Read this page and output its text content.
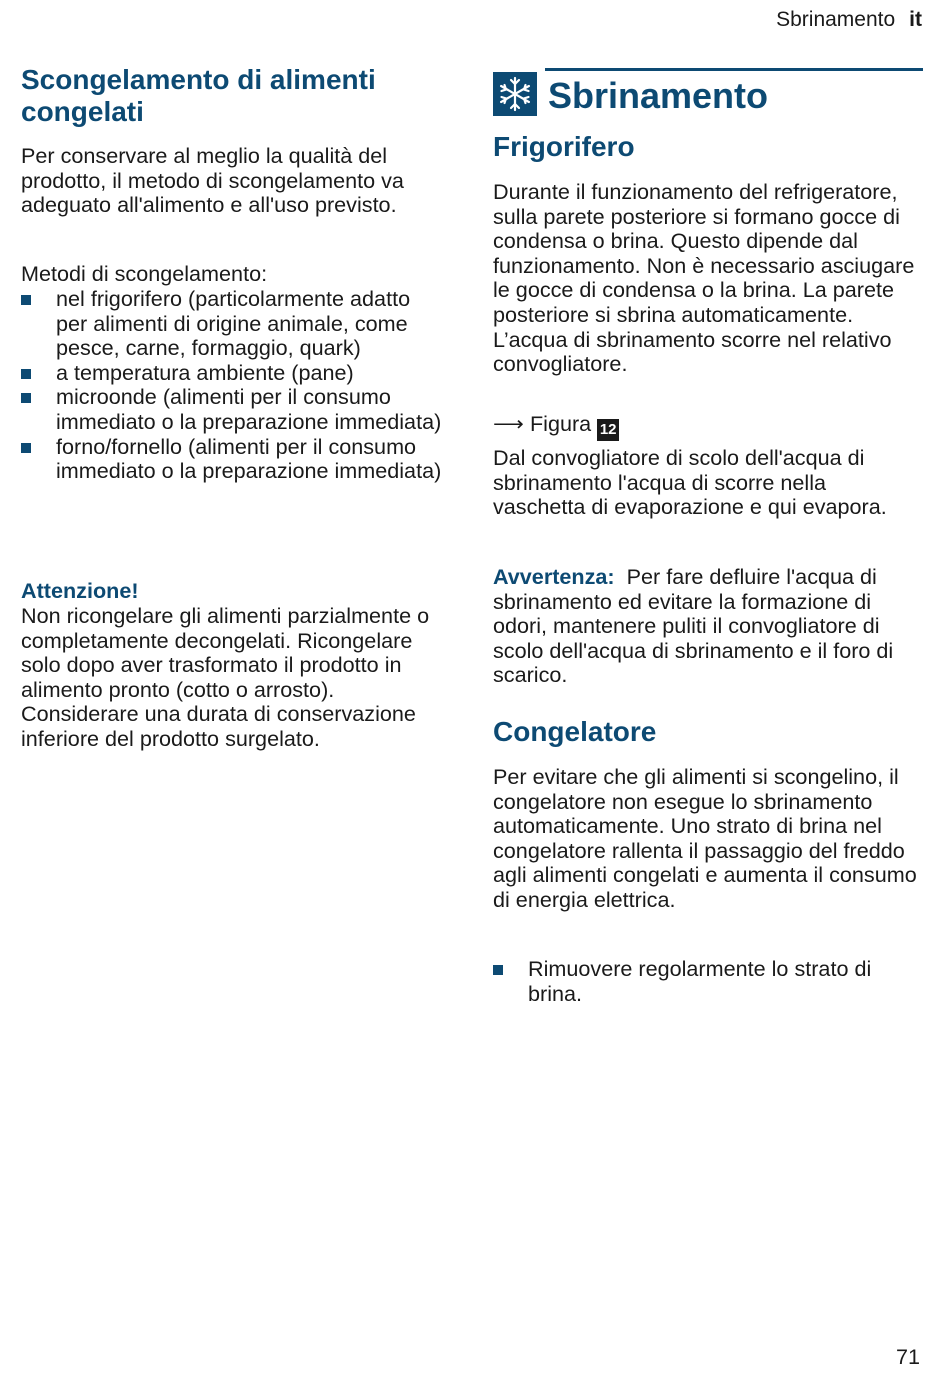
Sbrinamento it
Scongelamento di alimenti congelati

Per conservare al meglio la qualità del prodotto, il metodo di scongelamento va adeguato all'alimento e all'uso previsto.

Metodi di scongelamento:

nel frigorifero (particolarmente adatto per alimenti di origine animale, come pesce, carne, formaggio, quark)
a temperatura ambiente (pane)
microonde (alimenti per il consumo immediato o la preparazione immediata)
forno/fornello (alimenti per il consumo immediato o la preparazione immediata)

Attenzione!

Non ricongelare gli alimenti parzialmente o completamente decongelati. Ricongelare solo dopo aver trasformato il prodotto in alimento pronto (cotto o arrosto). Considerare una durata di conservazione inferiore del prodotto surgelato.

Sbrinamento
Frigorifero

Durante il funzionamento del refrigeratore, sulla parete posteriore si formano gocce di condensa o brina. Questo dipende dal funzionamento. Non è necessario asciugare le gocce di condensa o la brina. La parete posteriore si sbrina automaticamente. L’acqua di sbrinamento scorre nel relativo convogliatore.

⟶ Figura 12

Dal convogliatore di scolo dell'acqua di sbrinamento l'acqua di scorre nella vaschetta di evaporazione e qui evapora.

Avvertenza: Per fare defluire l'acqua di sbrinamento ed evitare la formazione di odori, mantenere puliti il convogliatore di scolo dell'acqua di sbrinamento e il foro di scarico.

Congelatore

Per evitare che gli alimenti si scongelino, il congelatore non esegue lo sbrinamento automaticamente. Uno strato di brina nel congelatore rallenta il passaggio del freddo agli alimenti congelati e aumenta il consumo di energia elettrica.

Rimuovere regolarmente lo strato di brina.
71
